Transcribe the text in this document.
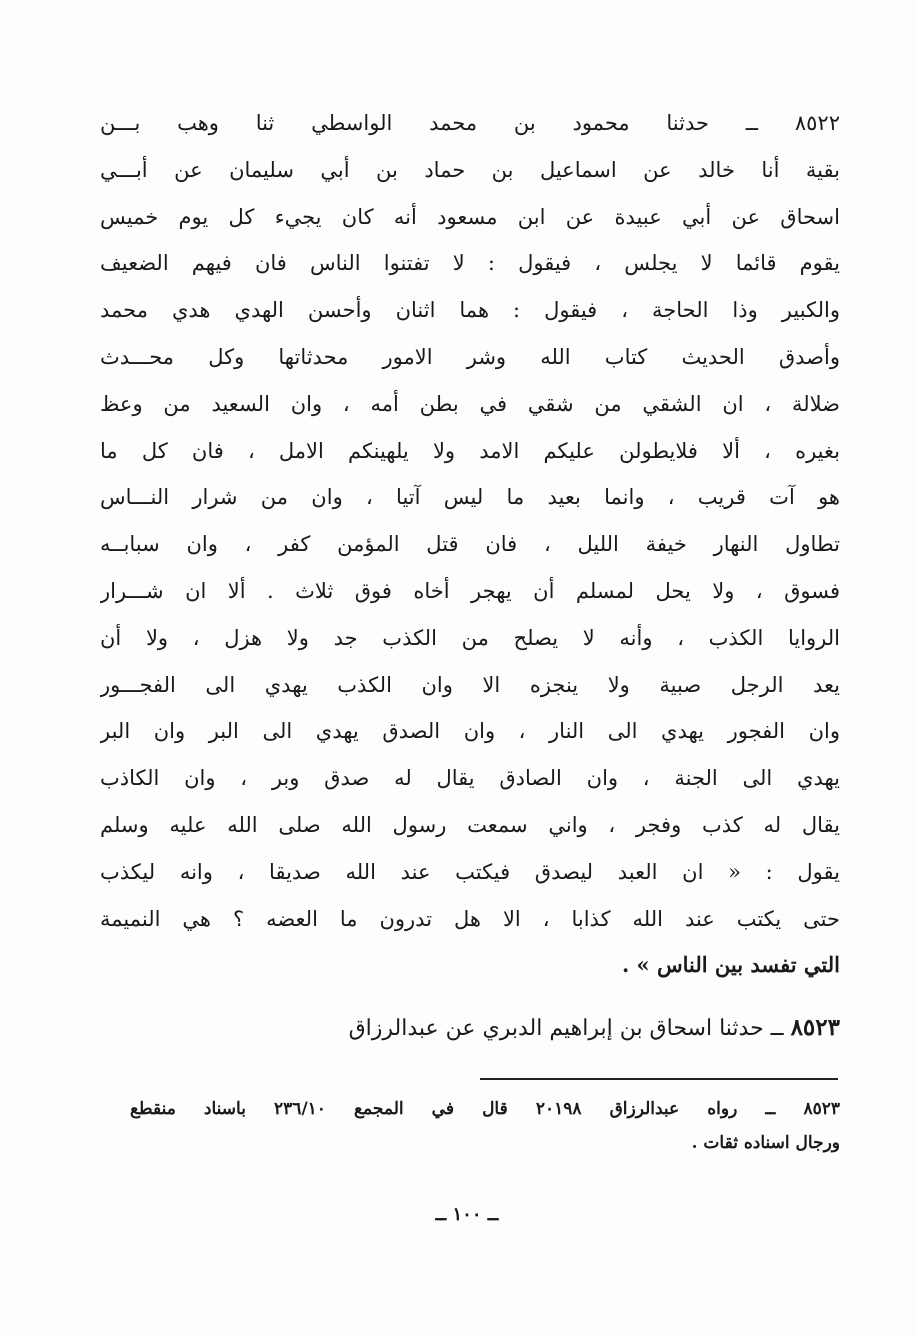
٨٥٢٢ ــ حدثنا محمود بن محمد الواسطي ثنا وهب بـــن
بقية أنا خالد عن اسماعيل بن حماد بن أبي سليمان عن أبـــي
اسحاق عن أبي عبيدة عن ابن مسعود أنه كان يجيء كل يوم خميس
يقوم قائما لا يجلس ، فيقول : لا تفتنوا الناس فان فيهم الضعيف
والكبير وذا الحاجة ، فيقول : هما اثنان وأحسن الهدي هدي محمد
وأصدق الحديث كتاب الله وشر الامور محدثاتها وكل محـــدث
ضلالة ، ان الشقي من شقي في بطن أمه ، وان السعيد من وعظ
بغيره ، ألا فلايطولن عليكم الامد ولا يلهينكم الامل ، فان كل ما
هو آت قريب ، وانما بعيد ما ليس آتيا ، وان من شرار النـــاس
تطاول النهار خيفة الليل ، فان قتل المؤمن كفر ، وان سبابــه
فسوق ، ولا يحل لمسلم أن يهجر أخاه فوق ثلاث . ألا ان شـــرار
الروايا الكذب ، وأنه لا يصلح من الكذب جد ولا هزل ، ولا أن
يعد الرجل صبية ولا ينجزه الا وان الكذب يهدي الى الفجـــور
وان الفجور يهدي الى النار ، وان الصدق يهدي الى البر وان البر
يهدي الى الجنة ، وان الصادق يقال له صدق وبر ، وان الكاذب
يقال له كذب وفجر ، واني سمعت رسول الله صلى الله عليه وسلم
يقول : « ان العبد ليصدق فيكتب عند الله صديقا ، وانه ليكذب
حتى يكتب عند الله كذابا ، الا هل تدرون ما العضه ؟ هي النميمة
التي تفسد بين الناس » .
٨٥٢٣ ــ حدثنا اسحاق بن إبراهيم الدبري عن عبدالرزاق
٨٥٢٣ ــ رواه عبدالرزاق ٢٠١٩٨ قال في المجمع ٢٣٦/١٠ باسناد منقطع
ورجال اسناده ثقات .
ــ ١٠٠ ــ
